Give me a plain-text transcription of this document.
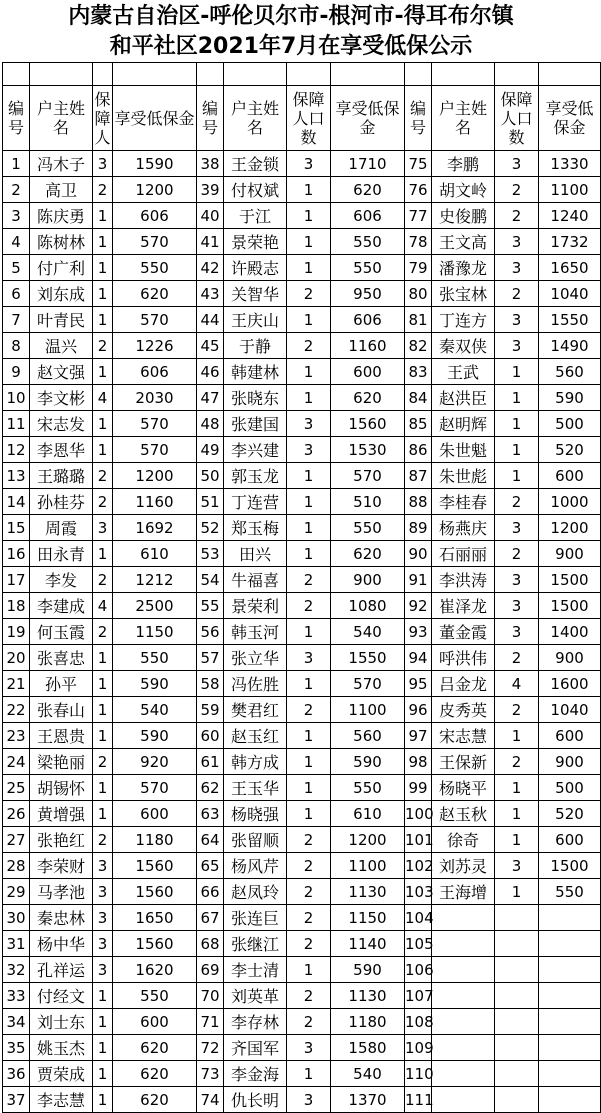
内蒙古自治区-呼伦贝尔市-根河市-得耳布尔镇
和平社区2021年7月在享受低保公示

编号	户主姓名	保障人	享受低保金	编号	户主姓名	保障人口数	享受低保金	编号	户主姓名	保障人口数	享受低保金
1	冯木子	3	1590	38	王金锁	3	1710	75	李鹏	3	1330
2	高卫	2	1200	39	付权斌	1	620	76	胡文岭	2	1100
3	陈庆勇	1	606	40	于江	1	606	77	史俊鹏	2	1240
4	陈树林	1	570	41	景荣艳	1	550	78	王文高	3	1732
5	付广利	1	550	42	许殿志	1	550	79	潘豫龙	3	1650
6	刘东成	1	620	43	关智华	2	950	80	张宝林	2	1040
7	叶青民	1	570	44	王庆山	1	606	81	丁连方	3	1550
8	温兴	2	1226	45	于静	2	1160	82	秦双侠	3	1490
9	赵文强	1	606	46	韩建林	1	600	83	王武	1	560
10	李文彬	4	2030	47	张晓东	1	620	84	赵洪臣	1	590
11	宋志发	1	570	48	张建国	3	1560	85	赵明辉	1	500
12	李恩华	1	570	49	李兴建	3	1530	86	朱世魁	1	520
13	王璐璐	2	1200	50	郭玉龙	1	570	87	朱世彪	1	600
14	孙桂芬	2	1160	51	丁连营	1	510	88	李桂春	2	1000
15	周霞	3	1692	52	郑玉梅	1	550	89	杨燕庆	3	1200
16	田永青	1	610	53	田兴	1	620	90	石丽丽	2	900
17	李发	2	1212	54	牛福喜	2	900	91	李洪涛	3	1500
18	李建成	4	2500	55	景荣利	2	1080	92	崔泽龙	3	1500
19	何玉霞	2	1150	56	韩玉河	1	540	93	董金霞	3	1400
20	张喜忠	1	550	57	张立华	3	1550	94	呼洪伟	2	900
21	孙平	1	590	58	冯佐胜	1	570	95	吕金龙	4	1600
22	张春山	1	540	59	樊君红	2	1100	96	皮秀英	2	1040
23	王恩贵	1	590	60	赵玉红	1	560	97	宋志慧	1	600
24	梁艳丽	2	920	61	韩方成	1	590	98	王保新	2	900
25	胡锡怀	1	570	62	王玉华	1	550	99	杨晓平	1	500
26	黄增强	1	600	63	杨晓强	1	610	100	赵玉秋	1	520
27	张艳红	2	1180	64	张留顺	2	1200	101	徐奇	1	600
28	李荣财	3	1560	65	杨风芹	2	1100	102	刘苏灵	3	1500
29	马孝池	3	1560	66	赵凤玲	2	1130	103	王海增	1	550
30	秦忠林	3	1650	67	张连巨	2	1150	104			
31	杨中华	3	1560	68	张继江	2	1140	105			
32	孔祥运	3	1620	69	李士清	1	590	106			
33	付经文	1	550	70	刘英革	2	1130	107			
34	刘士东	1	600	71	李存林	2	1180	108			
35	姚玉杰	1	620	72	齐国军	3	1580	109			
36	贾荣成	1	620	73	李金海	1	540	110			
37	李志慧	1	620	74	仇长明	3	1370	111			
